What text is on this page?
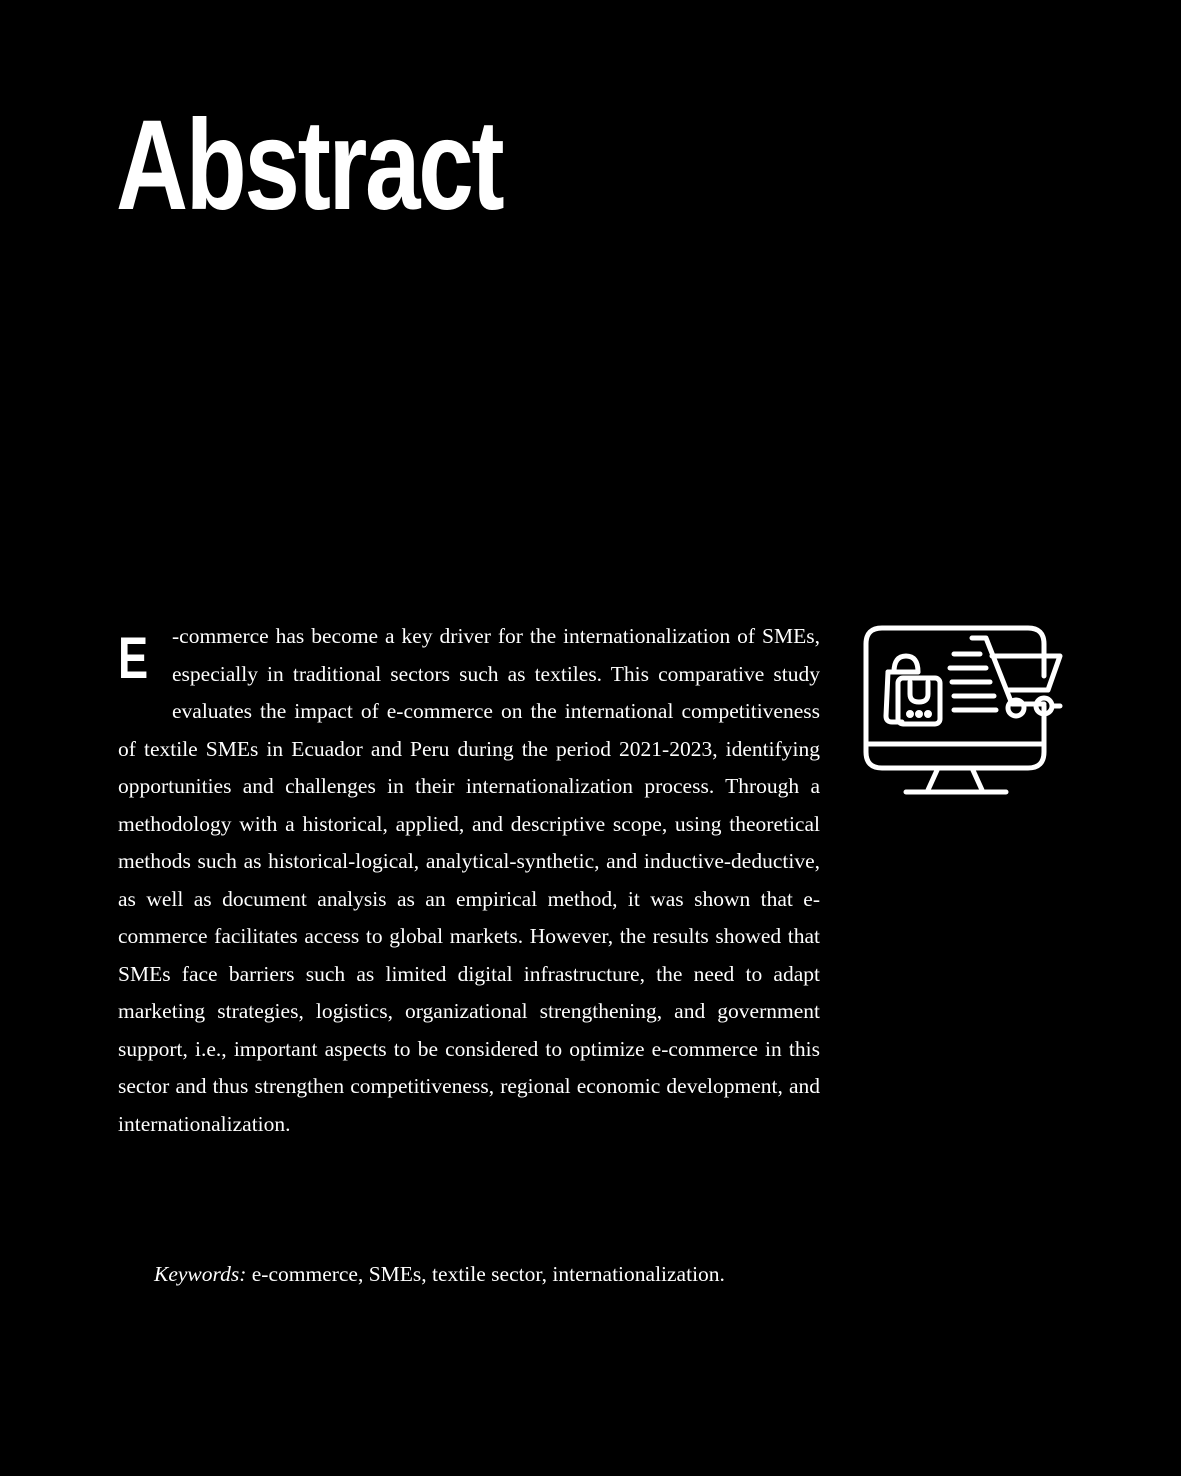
Abstract

E -commerce has become a key driver for the internationalization of SMEs, especially in traditional sectors such as textiles. This comparative study evaluates the impact of e-commerce on the international competitiveness of textile SMEs in Ecuador and Peru during the period 2021-2023, identifying opportunities and challenges in their internationalization process. Through a methodology with a historical, applied, and descriptive scope, using theoretical methods such as historical-logical, analytical-synthetic, and inductive-deductive, as well as document analysis as an empirical method, it was shown that e-commerce facilitates access to global markets. However, the results showed that SMEs face barriers such as limited digital infrastructure, the need to adapt marketing strategies, logistics, organizational strengthening, and government support, i.e., important aspects to be considered to optimize e-commerce in this sector and thus strengthen competitiveness, regional economic development, and internationalization.

Keywords: e-commerce, SMEs, textile sector, internationalization.
